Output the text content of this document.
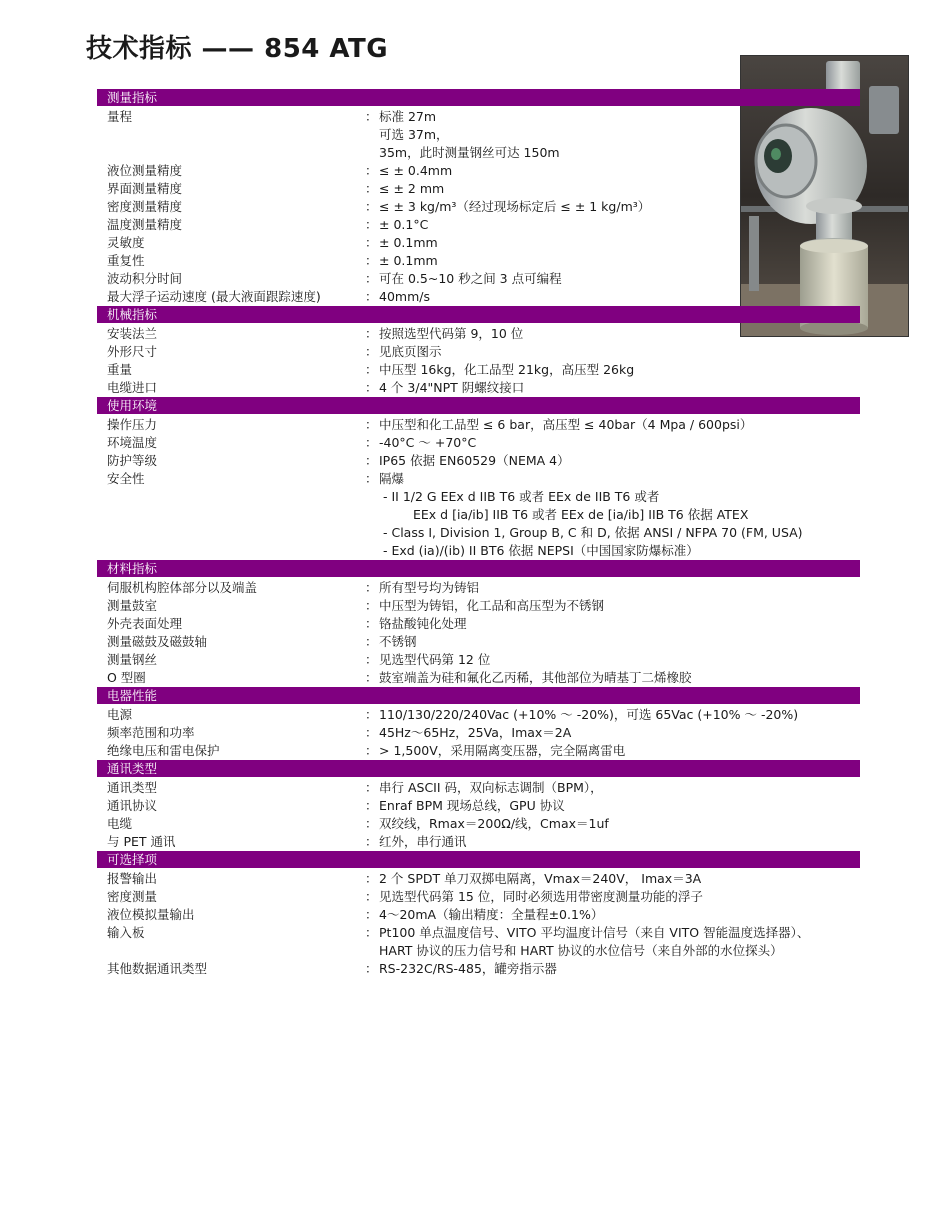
技术指标 —— 854 ATG
测量指标
量程	： 标准 27m
可选 37m，
35m，此时测量钢丝可达 150m
液位测量精度	： ≤ ± 0.4mm
界面测量精度	： ≤ ± 2 mm
密度测量精度	： ≤ ± 3 kg/m³（经过现场标定后 ≤ ± 1 kg/m³）
温度测量精度	： ± 0.1°C
灵敏度	： ± 0.1mm
重复性	： ± 0.1mm
波动积分时间	： 可在 0.5~10 秒之间 3 点可编程
最大浮子运动速度 (最大液面跟踪速度)	： 40mm/s
机械指标
安装法兰	： 按照选型代码第 9，10 位
外形尺寸	： 见底页图示
重量	： 中压型 16kg，化工品型 21kg，高压型 26kg
电缆进口	： 4 个 3/4"NPT 阴螺纹接口
使用环境
操作压力	： 中压型和化工品型 ≤ 6 bar，高压型 ≤ 40bar（4 Mpa / 600psi）
环境温度	： -40°C ～ +70°C
防护等级	： IP65 依据 EN60529（NEMA 4）
安全性	： 隔爆
- II 1/2 G EEx d IIB T6 或者 EEx de IIB T6 或者
EEx d [ia/ib] IIB T6 或者 EEx de [ia/ib] IIB T6 依据 ATEX
- Class I, Division 1, Group B, C 和 D, 依据 ANSI / NFPA 70 (FM, USA)
- Exd (ia)/(ib) II BT6 依据 NEPSI（中国国家防爆标准）
材料指标
伺服机构腔体部分以及端盖	： 所有型号均为铸铝
测量鼓室	： 中压型为铸铝，化工品和高压型为不锈钢
外壳表面处理	： 铬盐酸钝化处理
测量磁鼓及磁鼓轴	： 不锈钢
测量钢丝	： 见选型代码第 12 位
O 型圈	： 鼓室端盖为硅和氟化乙丙稀，其他部位为晴基丁二烯橡胶
电器性能
电源	： 110/130/220/240Vac (+10% ～ -20%)，可选 65Vac (+10% ～ -20%)
频率范围和功率	： 45Hz～65Hz，25Va，Imax＝2A
绝缘电压和雷电保护	： > 1,500V，采用隔离变压器，完全隔离雷电
通讯类型
通讯类型	： 串行 ASCII 码，双向标志调制（BPM），
通讯协议	： Enraf BPM 现场总线，GPU 协议
电缆	： 双绞线，Rmax＝200Ω/线，Cmax＝1uf
与 PET 通讯	： 红外，串行通讯
可选择项
报警输出	： 2 个 SPDT 单刀双掷电隔离，Vmax＝240V， Imax＝3A
密度测量	： 见选型代码第 15 位，同时必须选用带密度测量功能的浮子
液位模拟量输出	： 4～20mA（输出精度：全量程±0.1%）
输入板	： Pt100 单点温度信号、VITO 平均温度计信号（来自 VITO 智能温度选择器）、HART 协议的压力信号和 HART 协议的水位信号（来自外部的水位探头）
其他数据通讯类型	： RS-232C/RS-485，罐旁指示器
